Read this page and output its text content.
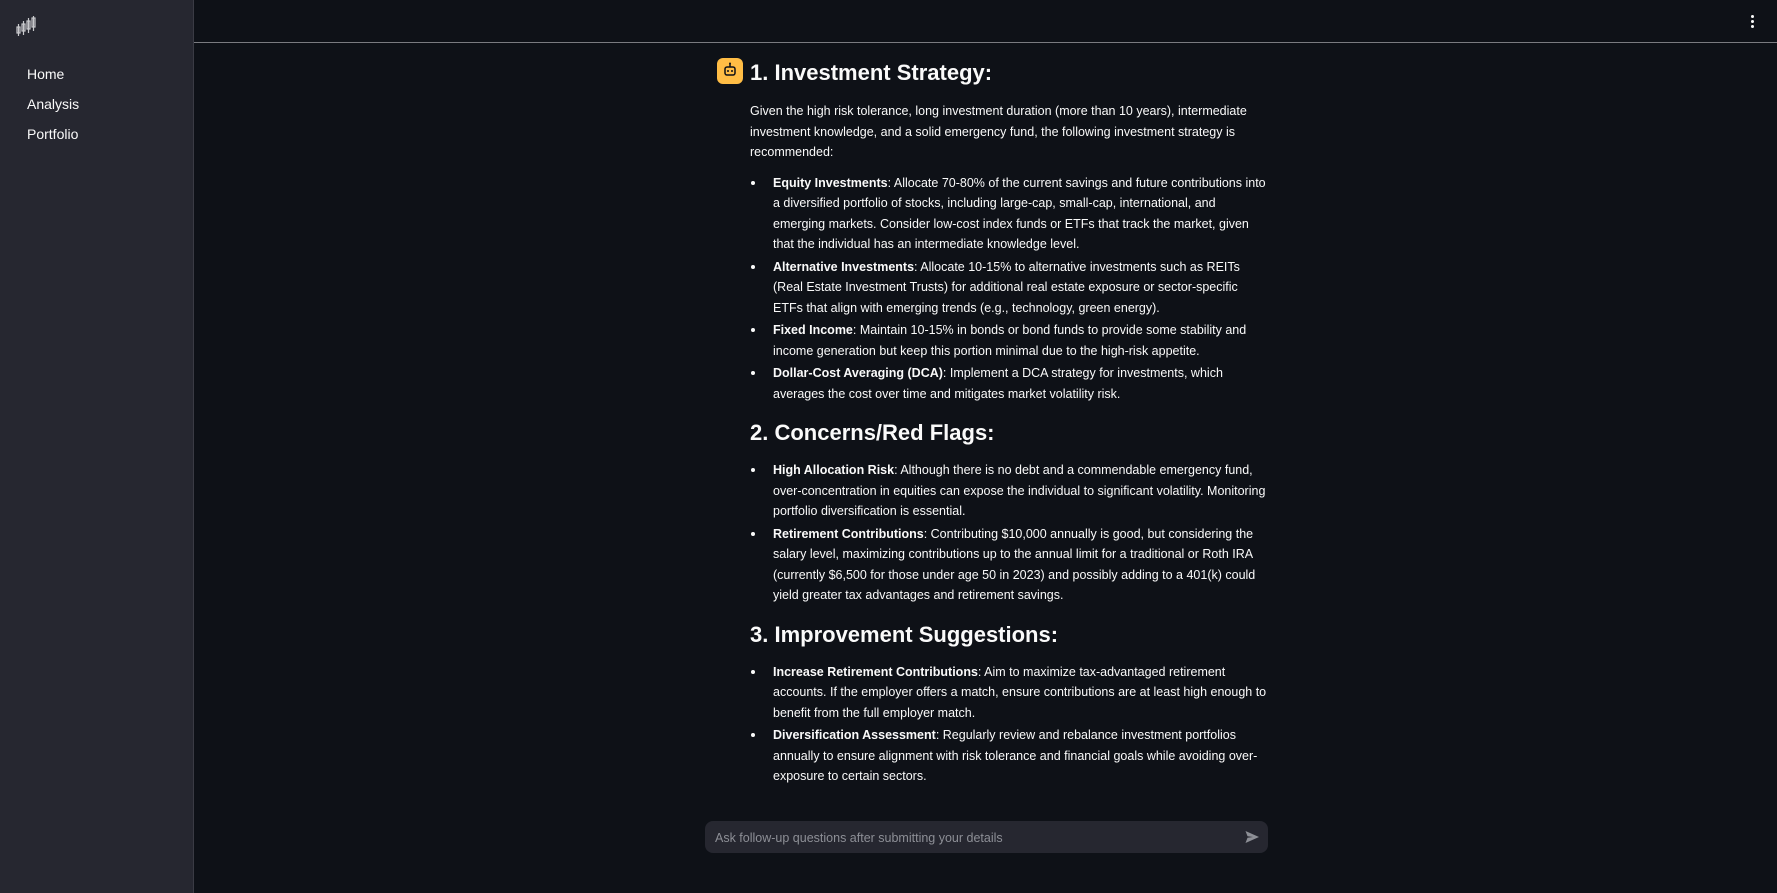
Home
Analysis
Portfolio
1. Investment Strategy:

Given the high risk tolerance, long investment duration (more than 10 years), intermediate investment knowledge, and a solid emergency fund, the following investment strategy is recommended:

Equity Investments: Allocate 70-80% of the current savings and future contributions into a diversified portfolio of stocks, including large-cap, small-cap, international, and emerging markets. Consider low-cost index funds or ETFs that track the market, given that the individual has an intermediate knowledge level.
Alternative Investments: Allocate 10-15% to alternative investments such as REITs (Real Estate Investment Trusts) for additional real estate exposure or sector-specific ETFs that align with emerging trends (e.g., technology, green energy).
Fixed Income: Maintain 10-15% in bonds or bond funds to provide some stability and income generation but keep this portion minimal due to the high-risk appetite.
Dollar-Cost Averaging (DCA): Implement a DCA strategy for investments, which averages the cost over time and mitigates market volatility risk.
2. Concerns/Red Flags:
High Allocation Risk: Although there is no debt and a commendable emergency fund, over-concentration in equities can expose the individual to significant volatility. Monitoring portfolio diversification is essential.
Retirement Contributions: Contributing $10,000 annually is good, but considering the salary level, maximizing contributions up to the annual limit for a traditional or Roth IRA (currently $6,500 for those under age 50 in 2023) and possibly adding to a 401(k) could yield greater tax advantages and retirement savings.
3. Improvement Suggestions:
Increase Retirement Contributions: Aim to maximize tax-advantaged retirement accounts. If the employer offers a match, ensure contributions are at least high enough to benefit from the full employer match.
Diversification Assessment: Regularly review and rebalance investment portfolios annually to ensure alignment with risk tolerance and financial goals while avoiding over-exposure to certain sectors.
Ask follow-up questions after submitting your details
